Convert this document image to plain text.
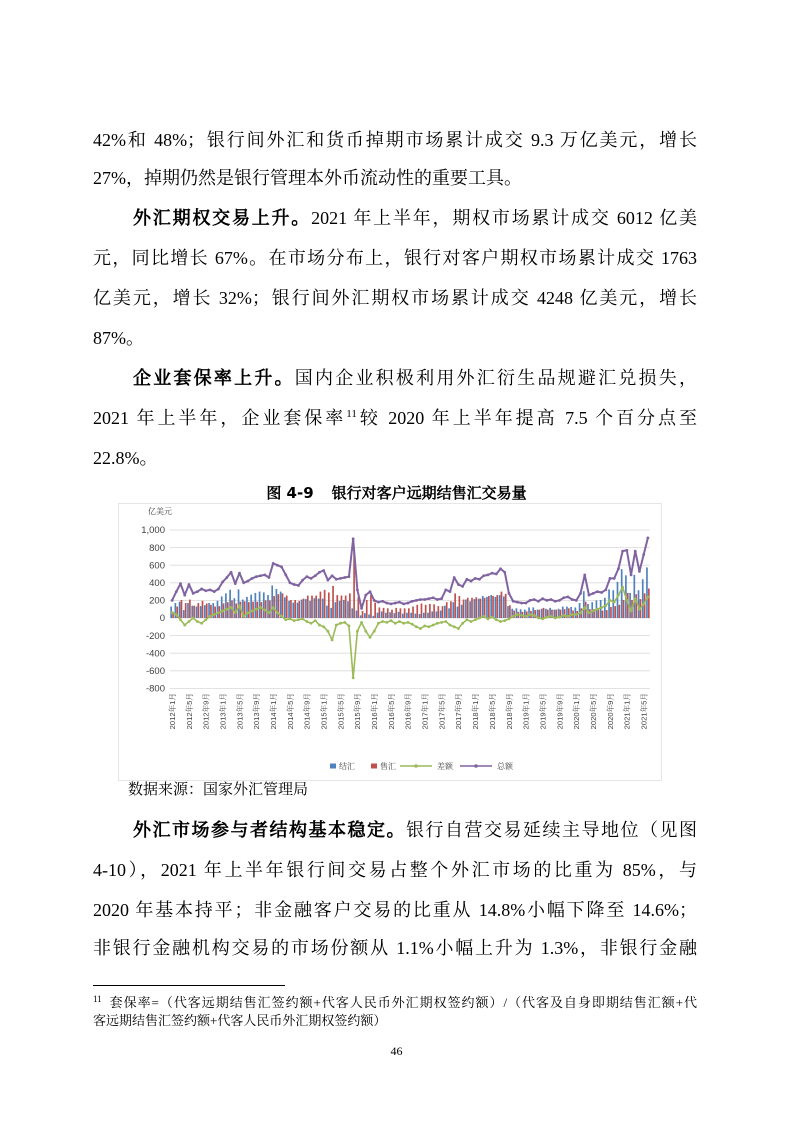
42%和 48%；银行间外汇和货币掉期市场累计成交 9.3 万亿美元，增长
27%，掉期仍然是银行管理本外币流动性的重要工具。
外汇期权交易上升。2021 年上半年，期权市场累计成交 6012 亿美
元，同比增长 67%。在市场分布上，银行对客户期权市场累计成交 1763
亿美元，增长 32%；银行间外汇期权市场累计成交 4248 亿美元，增长
87%。
企业套保率上升。国内企业积极利用外汇衍生品规避汇兑损失，
2021 年上半年，企业套保率$^{11}$较 2020 年上半年提高 7.5 个百分点至
22.8%。
图 4-9 银行对客户远期结售汇交易量
亿美元
1,000
800
600
400
200
0
-200
-400
-600
-800
2012年1月 2012年5月 2012年9月 2013年1月 2013年5月 2013年9月 2014年1月 2014年5月 2014年9月 2015年1月 2015年5月 2015年9月 2016年1月 2016年5月 2016年9月 2017年1月 2017年5月 2017年9月 2018年1月 2018年5月 2018年9月 2019年1月 2019年5月 2019年9月 2020年1月 2020年5月 2020年9月 2021年1月 2021年5月
结汇	售汇	差额	总额
数据来源：国家外汇管理局
外汇市场参与者结构基本稳定。银行自营交易延续主导地位（见图
4-10），2021 年上半年银行间交易占整个外汇市场的比重为 85%，与
2020 年基本持平；非金融客户交易的比重从 14.8%小幅下降至 14.6%；
非银行金融机构交易的市场份额从 1.1%小幅上升为 1.3%，非银行金融
$^{11}$ 套保率=（代客远期结售汇签约额+代客人民币外汇期权签约额）/（代客及自身即期结售汇额+代
客远期结售汇签约额+代客人民币外汇期权签约额）
46
